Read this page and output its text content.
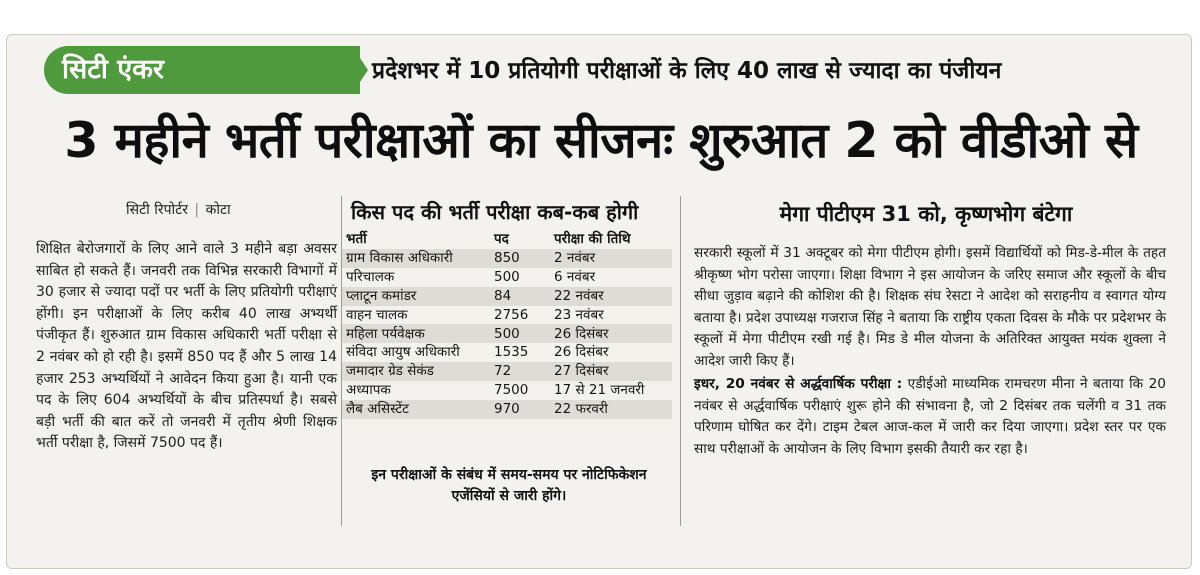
सिटी एंकर	प्रदेशभर में 10 प्रतियोगी परीक्षाओं के लिए 40 लाख से ज्यादा का पंजीयन
3 महीने भर्ती परीक्षाओं का सीजनः शुरुआत 2 को वीडीओ से
सिटी रिपोर्टर | कोटा
शिक्षित बेरोजगारों के लिए आने वाले 3 महीने बड़ा अवसर साबित हो सकते हैं। जनवरी तक विभिन्न सरकारी विभागों में 30 हजार से ज्यादा पदों पर भर्ती के लिए प्रतियोगी परीक्षाएं होंगी। इन परीक्षाओं के लिए करीब 40 लाख अभ्यर्थी पंजीकृत हैं। शुरुआत ग्राम विकास अधिकारी भर्ती परीक्षा से 2 नवंबर को हो रही है। इसमें 850 पद हैं और 5 लाख 14 हजार 253 अभ्यर्थियों ने आवेदन किया हुआ है। यानी एक पद के लिए 604 अभ्यर्थियों के बीच प्रतिस्पर्धा है। सबसे बड़ी भर्ती की बात करें तो जनवरी में तृतीय श्रेणी शिक्षक भर्ती परीक्षा है, जिसमें 7500 पद हैं।
किस पद की भर्ती परीक्षा कब-कब होगी
भर्ती	पद	परीक्षा की तिथि
ग्राम विकास अधिकारी	850	2 नवंबर
परिचालक	500	6 नवंबर
प्लाटून कमांडर	84	22 नवंबर
वाहन चालक	2756	23 नवंबर
महिला पर्यवेक्षक	500	26 दिसंबर
संविदा आयुष अधिकारी	1535	26 दिसंबर
जमादार ग्रेड सेकंड	72	27 दिसंबर
अध्यापक	7500	17 से 21 जनवरी
लैब असिस्टेंट	970	22 फरवरी
इन परीक्षाओं के संबंध में समय-समय पर नोटिफिकेशन एजेंसियों से जारी होंगे।
मेगा पीटीएम 31 को, कृष्णभोग बंटेगा

सरकारी स्कूलों में 31 अक्टूबर को मेगा पीटीएम होगी। इसमें विद्यार्थियों को मिड-डे-मील के तहत श्रीकृष्ण भोग परोसा जाएगा। शिक्षा विभाग ने इस आयोजन के जरिए समाज और स्कूलों के बीच सीधा जुड़ाव बढ़ाने की कोशिश की है। शिक्षक संघ रेसटा ने आदेश को सराहनीय व स्वागत योग्य बताया है। प्रदेश उपाध्यक्ष गजराज सिंह ने बताया कि राष्ट्रीय एकता दिवस के मौके पर प्रदेशभर के स्कूलों में मेगा पीटीएम रखी गई है। मिड डे मील योजना के अतिरिक्त आयुक्त मयंक शुक्ला ने आदेश जारी किए हैं।

इधर, 20 नवंबर से अर्द्धवार्षिक परीक्षा : एडीईओ माध्यमिक रामचरण मीना ने बताया कि 20 नवंबर से अर्द्धवार्षिक परीक्षाएं शुरू होने की संभावना है, जो 2 दिसंबर तक चलेंगी व 31 तक परिणाम घोषित कर देंगे। टाइम टेबल आज-कल में जारी कर दिया जाएगा। प्रदेश स्तर पर एक साथ परीक्षाओं के आयोजन के लिए विभाग इसकी तैयारी कर रहा है।
